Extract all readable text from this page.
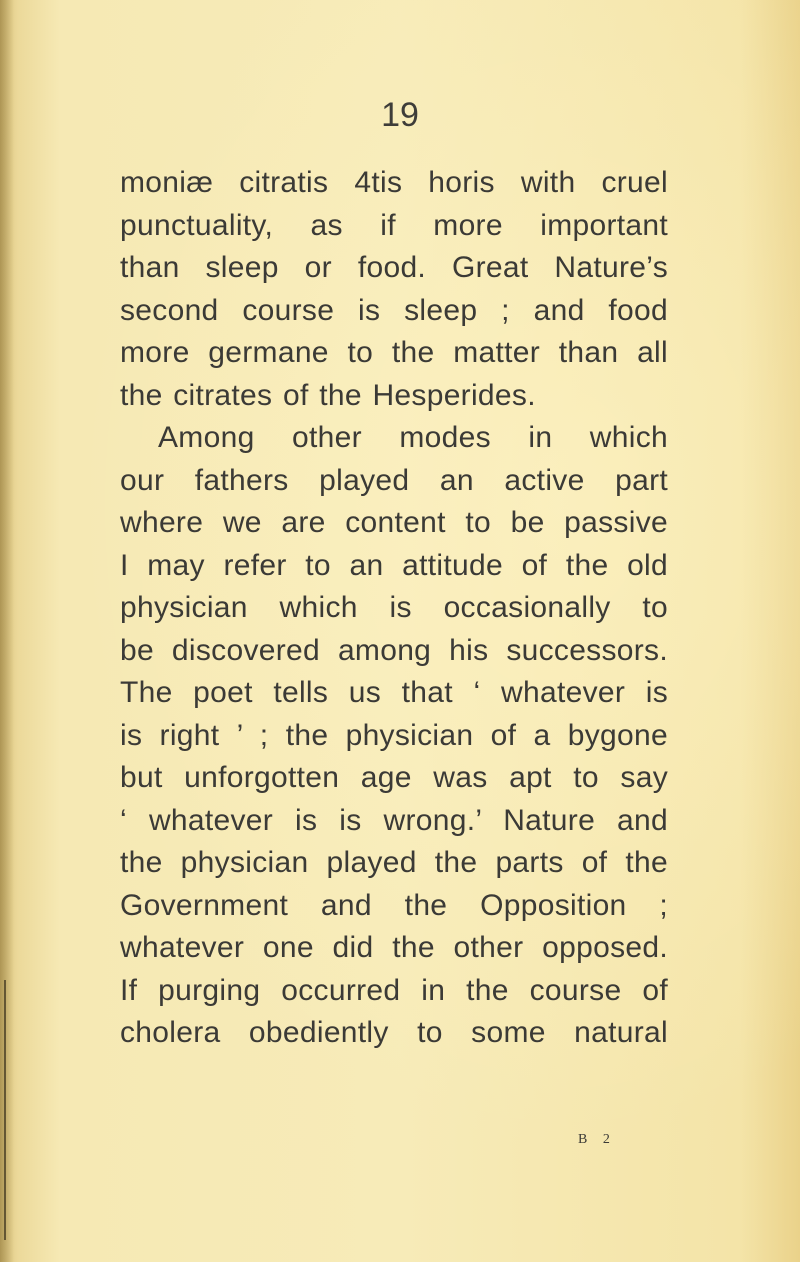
19
moniæ citratis 4tis horis with cruel
punctuality, as if more important
than sleep or food. Great Nature’s
second course is sleep ; and food
more germane to the matter than all
the citrates of the Hesperides.
Among other modes in which
our fathers played an active part
where we are content to be passive
I may refer to an attitude of the old
physician which is occasionally to
be discovered among his successors.
The poet tells us that ‘ whatever is
is right ’ ; the physician of a bygone
but unforgotten age was apt to say
‘ whatever is is wrong.’ Nature and
the physician played the parts of the
Government and the Opposition ;
whatever one did the other opposed.
If purging occurred in the course of
cholera obediently to some natural
B 2
